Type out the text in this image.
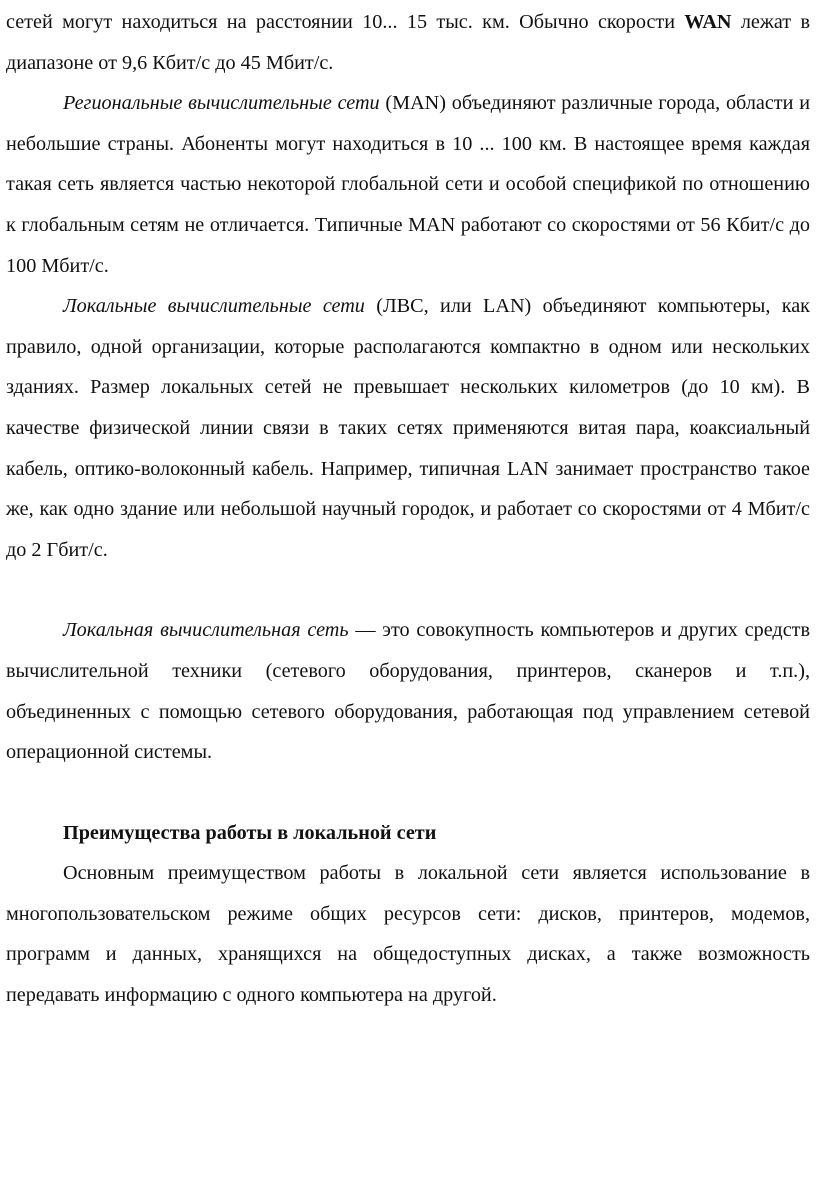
сетей могут находиться на расстоянии 10... 15 тыс. км. Обычно скорости WAN лежат в диапазоне от 9,6 Кбит/с до 45 Мбит/с.

Региональные вычислительные сети (MAN) объединяют различные города, области и небольшие страны. Абоненты могут находиться в 10 ... 100 км. В настоящее время каждая такая сеть является частью некоторой глобальной сети и особой спецификой по отношению к глобальным сетям не отличается. Типичные MAN работают со скоростями от 56 Кбит/с до 100 Мбит/с.

Локальные вычислительные сети (ЛВС, или LAN) объединяют компьютеры, как правило, одной организации, которые располагаются компактно в одном или нескольких зданиях. Размер локальных сетей не превышает нескольких километров (до 10 км). В качестве физической линии связи в таких сетях применяются витая пара, коаксиальный кабель, оптико-волоконный кабель. Например, типичная LAN занимает пространство такое же, как одно здание или небольшой научный городок, и работает со скоростями от 4 Мбит/с до 2 Гбит/с.

Локальная вычислительная сеть — это совокупность компьютеров и других средств вычислительной техники (сетевого оборудования, принтеров, сканеров и т.п.), объединенных с помощью сетевого оборудования, работающая под управлением сетевой операционной системы.

Преимущества работы в локальной сети

Основным преимуществом работы в локальной сети является использование в многопользовательском режиме общих ресурсов сети: дисков, принтеров, модемов, программ и данных, хранящихся на общедоступных дисках, а также возможность передавать информацию с одного компьютера на другой.
